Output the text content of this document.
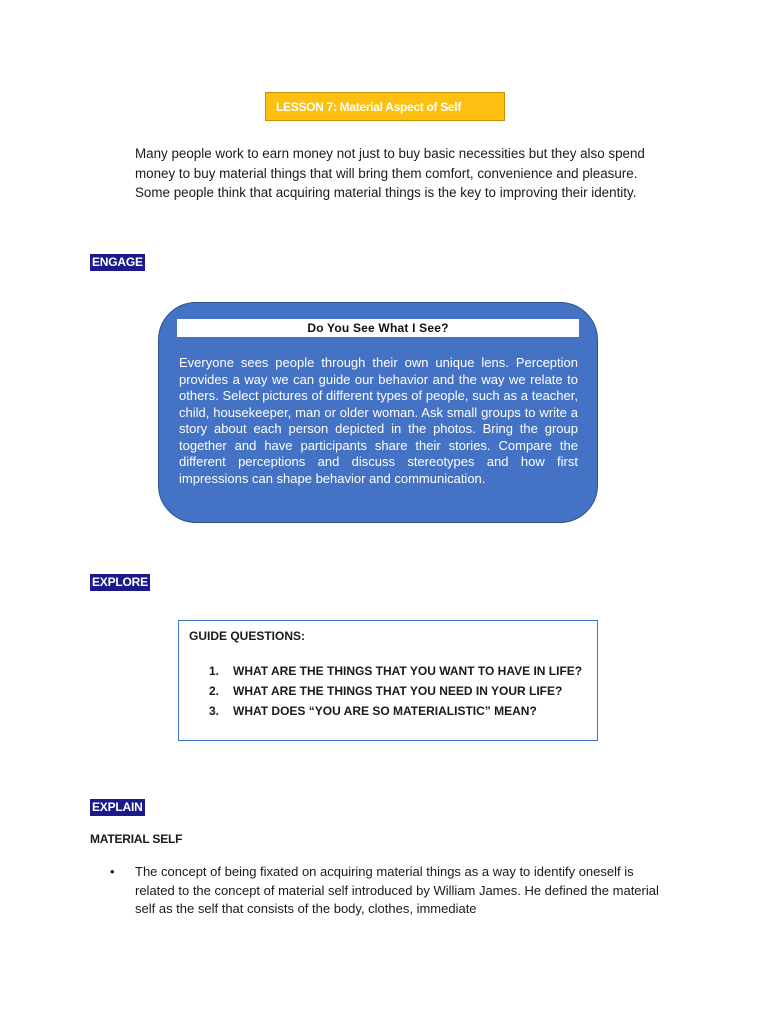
LESSON 7: Material Aspect of Self

Many people work to earn money not just to buy basic necessities but they also spend money to buy material things that will bring them comfort, convenience and pleasure. Some people think that acquiring material things is the key to improving their identity.

ENGAGE
Do You See What I See?

Everyone sees people through their own unique lens. Perception provides a way we can guide our behavior and the way we relate to others. Select pictures of different types of people, such as a teacher, child, housekeeper, man or older woman. Ask small groups to write a story about each person depicted in the photos. Bring the group together and have participants share their stories. Compare the different perceptions and discuss stereotypes and how first impressions can shape behavior and communication.

EXPLORE

GUIDE QUESTIONS:

1. WHAT ARE THE THINGS THAT YOU WANT TO HAVE IN LIFE?
2. WHAT ARE THE THINGS THAT YOU NEED IN YOUR LIFE?
3. WHAT DOES “YOU ARE SO MATERIALISTIC” MEAN?
EXPLAIN

MATERIAL SELF

• The concept of being fixated on acquiring material things as a way to identify oneself is related to the concept of material self introduced by William James. He defined the material self as the self that consists of the body, clothes, immediate
